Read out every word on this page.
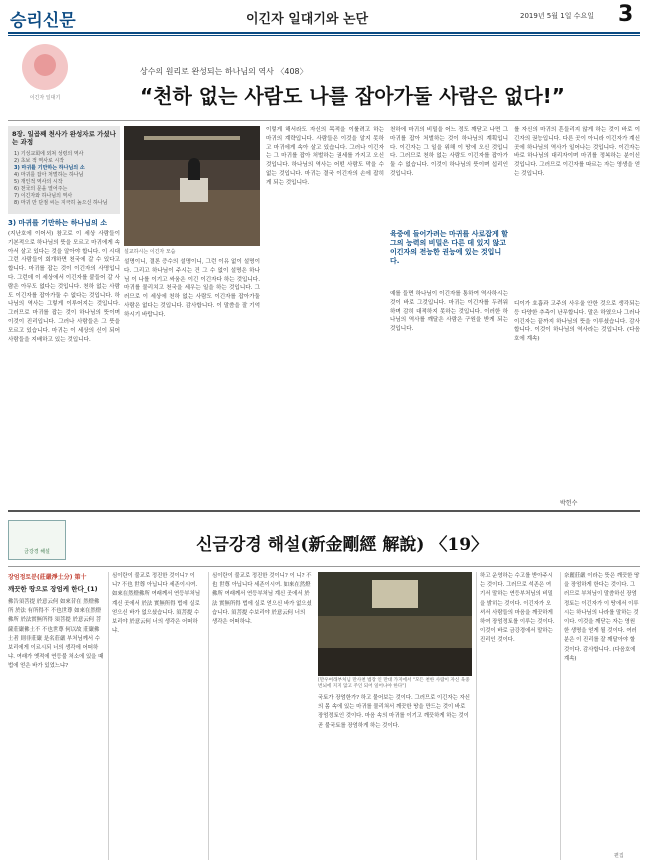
승리신문	이긴자 일대기와 논단	2019년 5월 1일 수요일 3
이긴자 일대기
상수의 원리로 완성되는 하나님의 역사 〈408〉
“천하 없는 사람도 나를 잡아가둘 사람은 없다!”
8장. 일곱째 천사가 완성자로 가셨나는 과정
1) 기성교회에 외쳐 성령의 역사
2) 초보 적 역사로 시작
3) 마귀를 기만하는 하나님의 소
4) 마귀를 잡아 처벌하는 하나님
5) 개인적 역사의 시작
6) 천국의 문을 열어주는
7) 이긴자와 하나님의 역사
8) 마귀 만 단점 씨는 지극히 높으신 하나님
3) 마귀를 기만하는 하나님의 소
(지난호에 이어서) 참고로 이 세상 사람들이 기본적으로 하나님의 뜻을 모르고 마귀에게 속아서 살고 있다는 것을 알아야 합니다. 이 시대 그런 사람들이 회개하면 천국에 갈 수 있다고 합니다. 마귀를 잡는 것이 이긴자의 사명입니다. 그런데 이 세상에서 이긴자를 붙들어 갈 사람은 아무도 없다는 것입니다. 천하 없는 사람도 이긴자를 잡아가둘 수 없다는 것입니다. 하나님의 역사는 그렇게 이루어지는 것입니다. 그러므로 마귀를 잡는 것이 하나님의 뜻이며 이것이 진리입니다. 그러나 사람들은 그 뜻을 모르고 있습니다. 마귀는 이 세상의 신이 되어 사람들을 지배하고 있는 것입니다.
설교하시는 이긴자 모습
설명이니, 결론 증수의 설명이니, 그런 이유 없이 설명이다. 그리고 하나님이 주시는 건 그 수 없이 설명은 하나님 이 나를 이기고 싸움은 이긴 이긴자다 하는 것입니다. 마귀를 물리치고 천국을 세우는 일을 하는 것입니다. 그러므로 이 세상에 천하 없는 사람도 이긴자를 잡아가둘 사람은 없다는 것입니다. 감사합니다. 이 말씀을 잘 기억하시기 바랍니다.
이렇게 해서라도 자신의 목적을 이룰려고 하는 마귀의 계략입니다. 사람들은 이것을 알지 못하고 마귀에게 속아 살고 있습니다. 그러나 이긴자는 그 마귀를 잡아 처벌하는 권세를 가지고 오신 것입니다. 하나님의 역사는 어떤 사람도 막을 수 없는 것입니다. 마귀는 결국 이긴자의 손에 잡히게 되는 것입니다.
천하에 마귀의 비밀을 어느 정도 깨닫고 나면 그 마귀를 잡아 처벌하는 것이 하나님의 계획입니다. 이긴자는 그 일을 위해 이 땅에 오신 것입니다. 그러므로 천하 없는 사람도 이긴자를 잡아가둘 수 없습니다. 이것이 하나님의 뜻이며 섭리인 것입니다.
육중에 들어가려는 마귀를 사로잡게 할 그의 능력의 비밀은 다른 데 있지 않고 이긴자의 전능한 권능에 있는 것입니다.
예를 들면 하나님이 이긴자를 통하여 역사하시는 것이 바로 그것입니다. 마귀는 이긴자를 두려워하며 감히 대적하지 못하는 것입니다. 이러한 하나님의 역사를 깨달은 사람은 구원을 받게 되는 것입니다.
를 자신의 마귀의 흔들리지 않게 하는 것이 바로 이긴자의 권능입니다. 다른 곳이 아니라 이긴자가 계신 곳에 하나님의 역사가 일어나는 것입니다. 이긴자는 바로 하나님의 대리자이며 마귀를 정복하는 분이신 것입니다. 그러므로 이긴자를 따르는 자는 영생을 얻는 것입니다.
디이가 호흡과 고주의 사우울 안한 것으로 생각되는 등 다양한 추측이 난무합니다. 말은 하였으나 그러나 이긴자는 끝까지 하나님의 뜻을 이루셨습니다. 감사합니다. 이것이 하나님의 역사라는 것입니다. (다음호에 계속)
박헌수
금강경 해설	신금강경 해설(新金剛經 解說) 〈19〉
장엄정토분(莊嚴淨土分) 第十
깨끗한 땅으로 장엄케 한다_(1)
佛告須菩提 於意云何 如來昔在 然燈佛所 於法 有所得不 不也世尊 如來在然燈佛所 於法實無所得 須菩提 於意云何 菩薩莊嚴佛土不 不也世尊 何以故 莊嚴佛土者 則非莊嚴 是名莊嚴 부처님께서 수보리에게 이르시되 너의 생각에 어떠하냐. 여래가 옛적에 연등불 처소에 있을 때 법에 얻은 바가 있었느냐?
심이란이 불교로 정진한 것이니? 이 니? 不也 世尊 아닙니다 세존이시여. 如來在然燈佛所 여래께서 연등부처님 계신 곳에서 於法 實無所得 법에 실로 얻으신 바가 없으셨습니다. 須菩提 수보리야 於意云何 너의 생각은 어떠하냐.
심이란이 불교로 정진한 것이니? 이 니? 不也 世尊 아닙니다 세존이시여. 如來在然燈佛所 여래께서 연등부처님 계신 곳에서 於法 實無所得 법에 실로 얻으신 바가 없으셨습니다. 須菩提 수보리야 於意云何 너의 생각은 어떠하냐.
[만우여래부처님 만사천 법장 인 만대 가지에서 "모든 천한 사람이 자신 육중 번뇌에 지지 않고 주인 되어 일어나야 한다"]
국토가 장엄한가? 하고 물어보는 것이다. 그러므로 이긴자는 자신의 몸 속에 있는 마귀를 물리쳐서 깨끗한 땅을 만드는 것이 바로 장엄정토인 것이다. 마음 속의 마귀를 이기고 깨끗하게 하는 것이 곧 불국토를 장엄하게 하는 것이다.
하고 운영하는 수고를 받아주시는 것이다. 그러므로 석존은 여기서 말하는 연등부처님의 비밀을 밝히는 것이다. 이긴자가 오셔서 사람들의 마음을 깨끗하게 하여 장엄정토를 이루는 것이다. 이것이 바로 금강경에서 말하는 진리인 것이다.
奈麗莊嚴 이라는 뜻은 깨끗한 땅을 장엄하게 한다는 것이다. 그러므로 부처님이 말씀하신 장엄정토는 이긴자가 이 땅에서 이루시는 하나님의 나라를 말하는 것이다. 이것을 깨닫는 자는 영원한 생명을 얻게 될 것이다. 여러분은 이 진리를 잘 깨달아야 할 것이다. 감사합니다. (다음호에 계속)
편집
